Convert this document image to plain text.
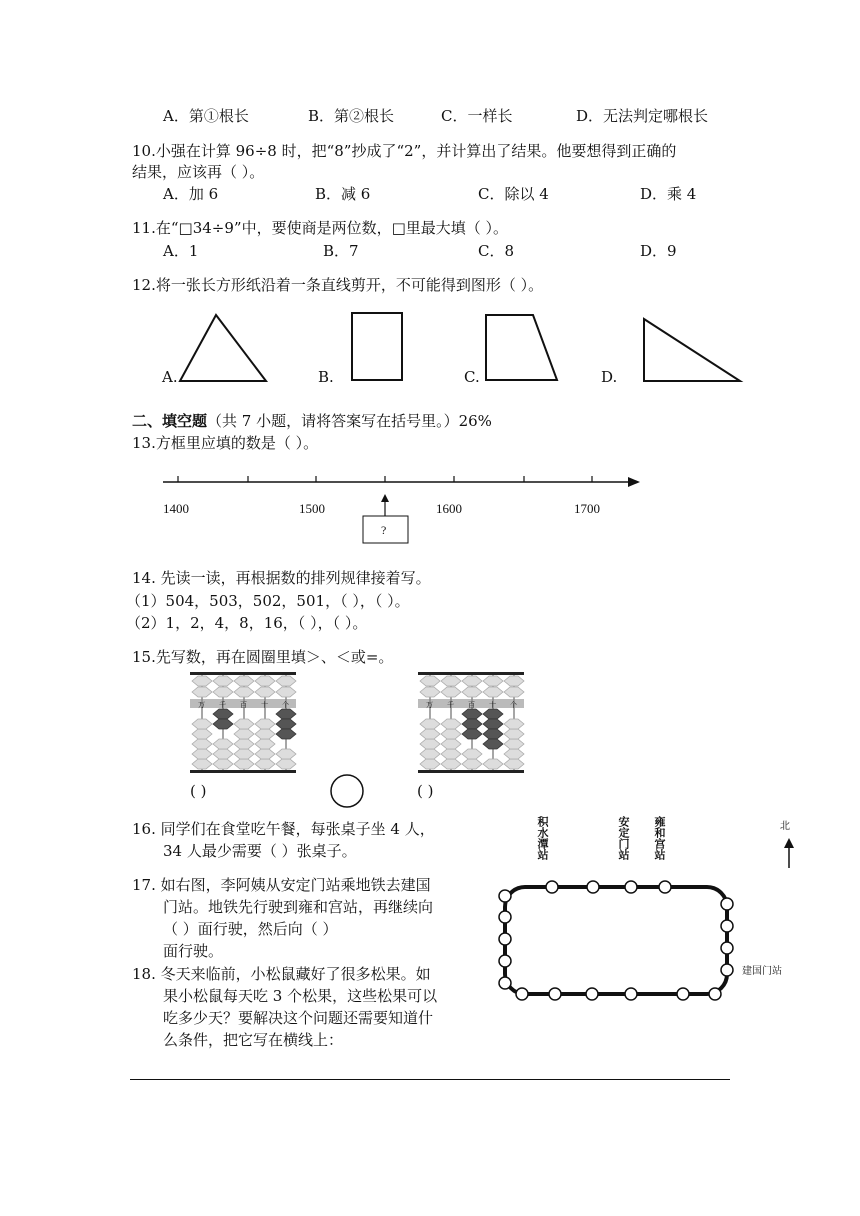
A．第①根长	B．第②根长	C．一样长	D．无法判定哪根长
10.小强在计算 96÷8 时，把“8”抄成了“2”，并计算出了结果。他要想得到正确的
结果，应该再（ ）。
A．加 6	B．减 6	C．除以 4	D．乘 4
11.在“□34÷9”中，要使商是两位数，□里最大填（ ）。
A．1	B．7	C．8	D．9
12.将一张长方形纸沿着一条直线剪开，不可能得到图形（ ）。
A.	B.	C.	D.
二、填空题（共 7 小题，请将答案写在括号里。）26%
13.方框里应填的数是（ ）。
1400	1500	1600	1700
?
14. 先读一读，再根据数的排列规律接着写。
（1）504，503，502，501，（ ），（ ）。
（2）1，2，4，8，16，（ ），（ ）。
15.先写数，再在圆圈里填＞、＜或=。
万 千 百 十 个	万 千 百 十 个
( )	( )
16. 同学们在食堂吃午餐，每张桌子坐 4 人，
34 人最少需要（ ）张桌子。
17. 如右图，李阿姨从安定门站乘地铁去建国
门站。地铁先行驶到雍和宫站，再继续向
（ ）面行驶，然后向（ ）
面行驶。
18. 冬天来临前，小松鼠藏好了很多松果。如
果小松鼠每天吃 3 个松果，这些松果可以
吃多少天？要解决这个问题还需要知道什
么条件，把它写在横线上：
积水潭站	安定门站 雍和宫站
建国门站
北
